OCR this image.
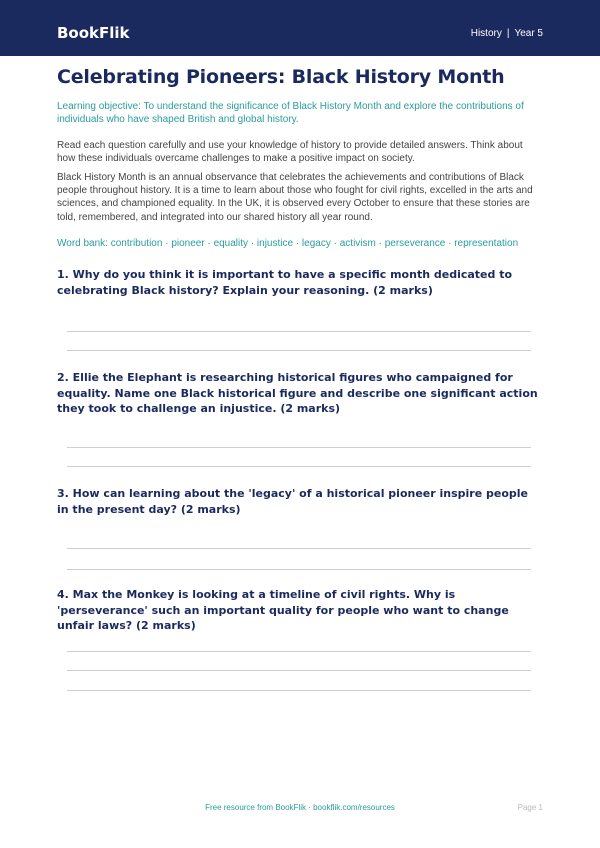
BookFlik	History | Year 5
Celebrating Pioneers: Black History Month
Learning objective: To understand the significance of Black History Month and explore the contributions of individuals who have shaped British and global history.
Read each question carefully and use your knowledge of history to provide detailed answers. Think about how these individuals overcame challenges to make a positive impact on society.
Black History Month is an annual observance that celebrates the achievements and contributions of Black people throughout history. It is a time to learn about those who fought for civil rights, excelled in the arts and sciences, and championed equality. In the UK, it is observed every October to ensure that these stories are told, remembered, and integrated into our shared history all year round.
Word bank: contribution · pioneer · equality · injustice · legacy · activism · perseverance · representation
1. Why do you think it is important to have a specific month dedicated to celebrating Black history? Explain your reasoning. (2 marks)
2. Ellie the Elephant is researching historical figures who campaigned for equality. Name one Black historical figure and describe one significant action they took to challenge an injustice. (2 marks)
3. How can learning about the 'legacy' of a historical pioneer inspire people in the present day? (2 marks)
4. Max the Monkey is looking at a timeline of civil rights. Why is 'perseverance' such an important quality for people who want to change unfair laws? (2 marks)
Free resource from BookFlik · bookflik.com/resources	Page 1
